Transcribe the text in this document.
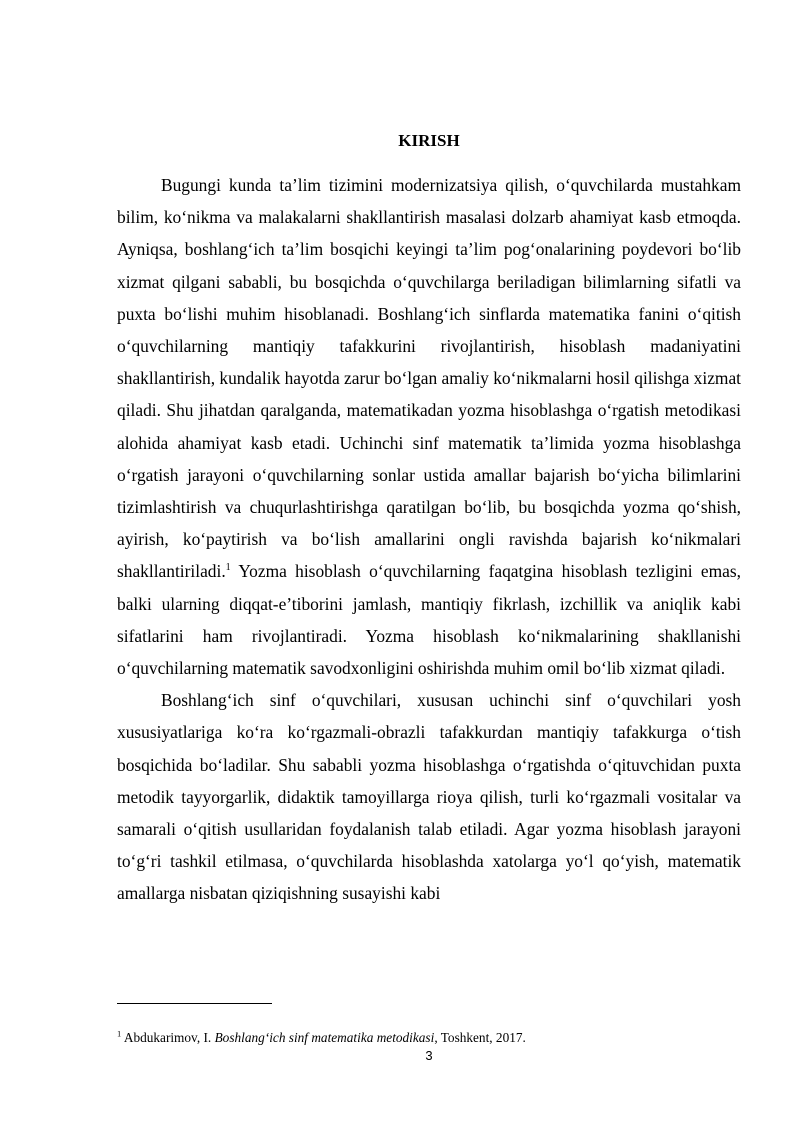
KIRISH

Bugungi kunda ta’lim tizimini modernizatsiya qilish, o‘quvchilarda mustahkam bilim, ko‘nikma va malakalarni shakllantirish masalasi dolzarb ahamiyat kasb etmoqda. Ayniqsa, boshlang‘ich ta’lim bosqichi keyingi ta’lim pog‘onalarining poydevori bo‘lib xizmat qilgani sababli, bu bosqichda o‘quvchilarga beriladigan bilimlarning sifatli va puxta bo‘lishi muhim hisoblanadi. Boshlang‘ich sinflarda matematika fanini o‘qitish o‘quvchilarning mantiqiy tafakkurini rivojlantirish, hisoblash madaniyatini shakllantirish, kundalik hayotda zarur bo‘lgan amaliy ko‘nikmalarni hosil qilishga xizmat qiladi. Shu jihatdan qaralganda, matematikadan yozma hisoblashga o‘rgatish metodikasi alohida ahamiyat kasb etadi. Uchinchi sinf matematik ta’limida yozma hisoblashga o‘rgatish jarayoni o‘quvchilarning sonlar ustida amallar bajarish bo‘yicha bilimlarini tizimlashtirish va chuqurlashtirishga qaratilgan bo‘lib, bu bosqichda yozma qo‘shish, ayirish, ko‘paytirish va bo‘lish amallarini ongli ravishda bajarish ko‘nikmalari shakllantiriladi.$^1$ Yozma hisoblash o‘quvchilarning faqatgina hisoblash tezligini emas, balki ularning diqqat-e’tiborini jamlash, mantiqiy fikrlash, izchillik va aniqlik kabi sifatlarini ham rivojlantiradi. Yozma hisoblash ko‘nikmalarining shakllanishi o‘quvchilarning matematik savodxonligini oshirishda muhim omil bo‘lib xizmat qiladi.

Boshlang‘ich sinf o‘quvchilari, xususan uchinchi sinf o‘quvchilari yosh xususiyatlariga ko‘ra ko‘rgazmali-obrazli tafakkurdan mantiqiy tafakkurga o‘tish bosqichida bo‘ladilar. Shu sababli yozma hisoblashga o‘rgatishda o‘qituvchidan puxta metodik tayyorgarlik, didaktik tamoyillarga rioya qilish, turli ko‘rgazmali vositalar va samarali o‘qitish usullaridan foydalanish talab etiladi. Agar yozma hisoblash jarayoni to‘g‘ri tashkil etilmasa, o‘quvchilarda hisoblashda xatolarga yo‘l qo‘yish, matematik amallarga nisbatan qiziqishning susayishi kabi

$^1$ Abdukarimov, I. Boshlang‘ich sinf matematika metodikasi, Toshkent, 2017.

3
